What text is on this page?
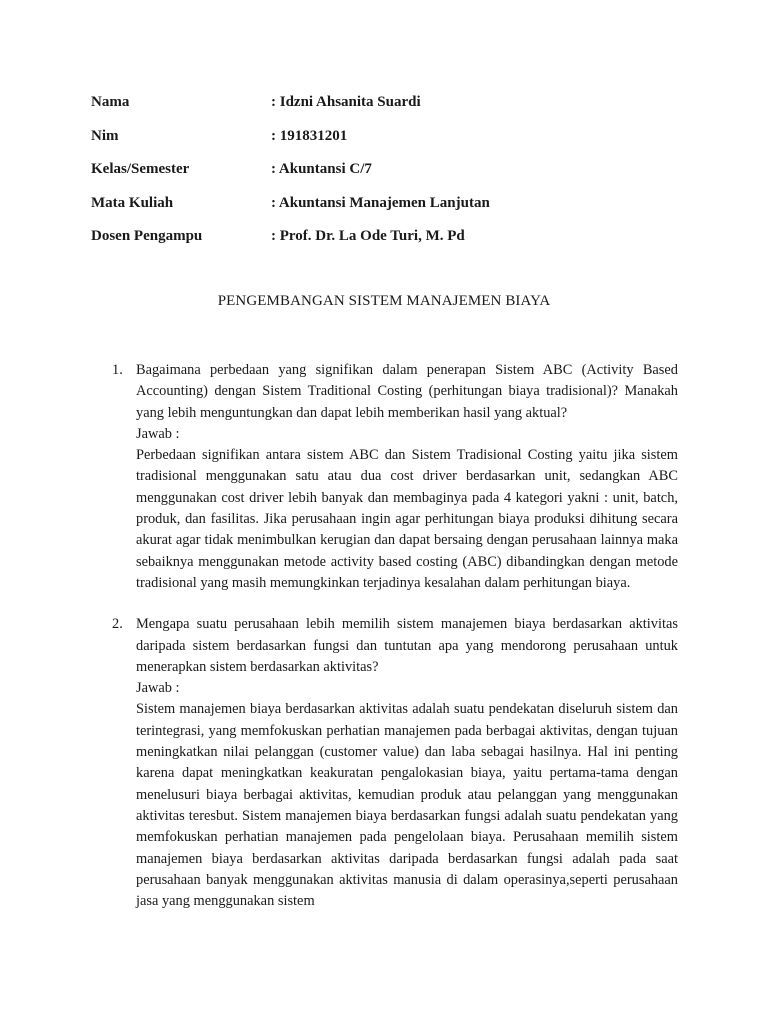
Nama	: Idzni Ahsanita Suardi
Nim	: 191831201
Kelas/Semester	: Akuntansi C/7
Mata Kuliah	: Akuntansi Manajemen Lanjutan
Dosen Pengampu	: Prof. Dr. La Ode Turi, M. Pd
PENGEMBANGAN SISTEM MANAJEMEN BIAYA
1. Bagaimana perbedaan yang signifikan dalam penerapan Sistem ABC (Activity Based Accounting) dengan Sistem Traditional Costing (perhitungan biaya tradisional)? Manakah yang lebih menguntungkan dan dapat lebih memberikan hasil yang aktual?
Jawab :
Perbedaan signifikan antara sistem ABC dan Sistem Tradisional Costing yaitu jika sistem tradisional menggunakan satu atau dua cost driver berdasarkan unit, sedangkan ABC menggunakan cost driver lebih banyak dan membaginya pada 4 kategori yakni : unit, batch, produk, dan fasilitas. Jika perusahaan ingin agar perhitungan biaya produksi dihitung secara akurat agar tidak menimbulkan kerugian dan dapat bersaing dengan perusahaan lainnya maka sebaiknya menggunakan metode activity based costing (ABC) dibandingkan dengan metode tradisional yang masih memungkinkan terjadinya kesalahan dalam perhitungan biaya.
2. Mengapa suatu perusahaan lebih memilih sistem manajemen biaya berdasarkan aktivitas daripada sistem berdasarkan fungsi dan tuntutan apa yang mendorong perusahaan untuk menerapkan sistem berdasarkan aktivitas?
Jawab :
Sistem manajemen biaya berdasarkan aktivitas adalah suatu pendekatan diseluruh sistem dan terintegrasi, yang memfokuskan perhatian manajemen pada berbagai aktivitas, dengan tujuan meningkatkan nilai pelanggan (customer value) dan laba sebagai hasilnya. Hal ini penting karena dapat meningkatkan keakuratan pengalokasian biaya, yaitu pertama-tama dengan menelusuri biaya berbagai aktivitas, kemudian produk atau pelanggan yang menggunakan aktivitas teresbut. Sistem manajemen biaya berdasarkan fungsi adalah suatu pendekatan yang memfokuskan perhatian manajemen pada pengelolaan biaya. Perusahaan memilih sistem manajemen biaya berdasarkan aktivitas daripada berdasarkan fungsi adalah pada saat perusahaan banyak menggunakan aktivitas manusia di dalam operasinya,seperti perusahaan jasa yang menggunakan sistem
